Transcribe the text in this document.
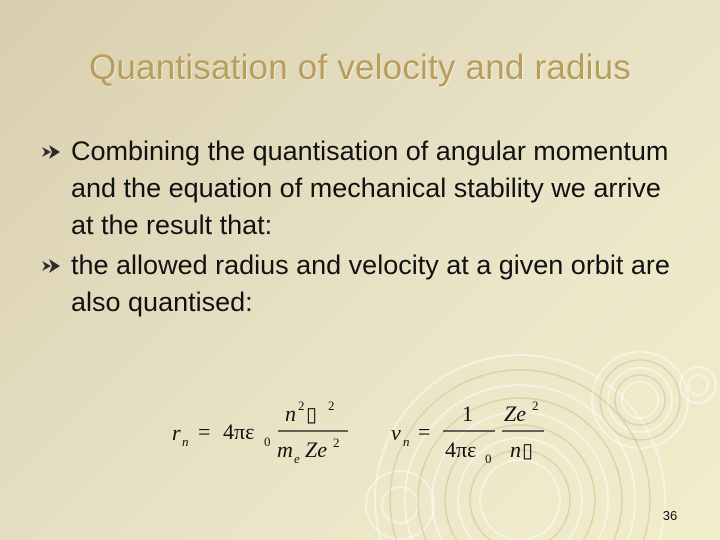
Quantisation of velocity and radius
Combining the quantisation of angular momentum and the equation of mechanical stability we arrive at the result that:
the allowed radius and velocity at a given orbit are also quantised:
r n = 4πε 0
n 2 ▯ 2
m e Ze 2 v n =
1
4πε 0
Ze 2
n ▯
36
